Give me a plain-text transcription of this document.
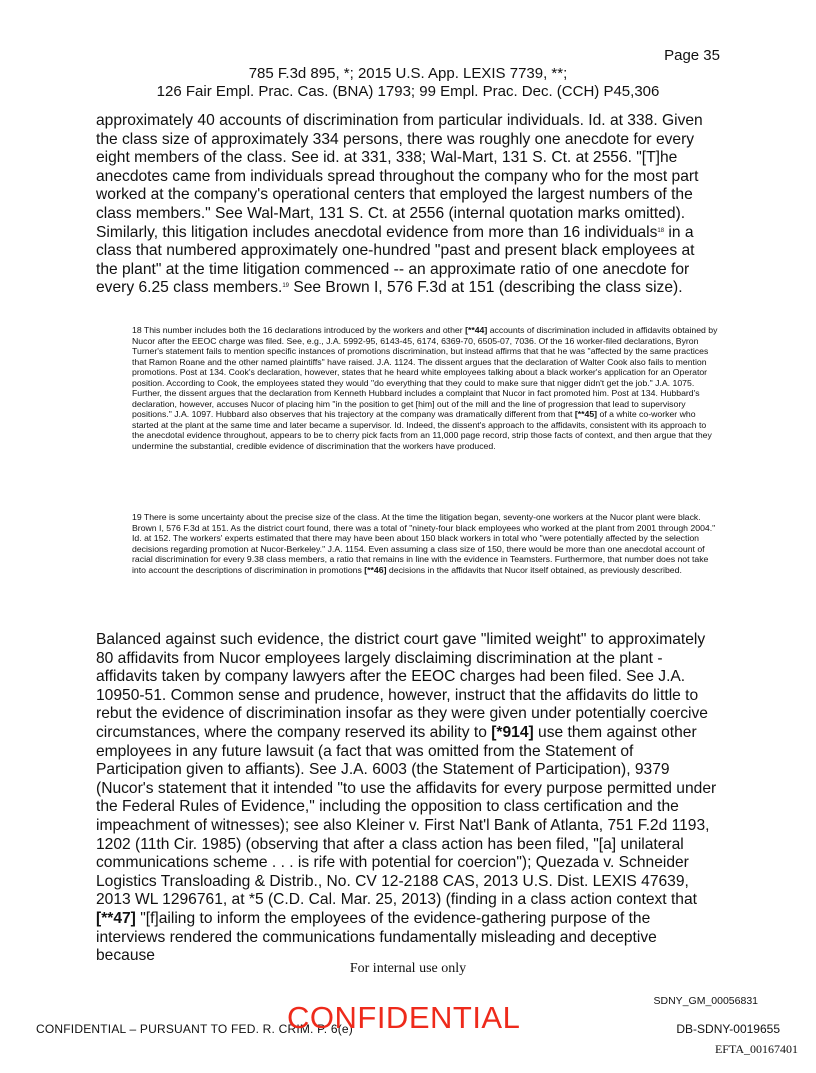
Page 35
785 F.3d 895, *; 2015 U.S. App. LEXIS 7739, **;
126 Fair Empl. Prac. Cas. (BNA) 1793; 99 Empl. Prac. Dec. (CCH) P45,306

approximately 40 accounts of discrimination from particular individuals. Id. at 338. Given the class size of approximately 334 persons, there was roughly one anecdote for every eight members of the class. See id. at 331, 338; Wal-Mart, 131 S. Ct. at 2556. "[T]he anecdotes came from individuals spread throughout the company who for the most part worked at the company's operational centers that employed the largest numbers of the class members." See Wal-Mart, 131 S. Ct. at 2556 (internal quotation marks omitted). Similarly, this litigation includes anecdotal evidence from more than 16 individuals$^{18}$ in a class that numbered approximately one-hundred "past and present black employees at the plant" at the time litigation commenced -- an approximate ratio of one anecdote for every 6.25 class members.$^{19}$ See Brown I, 576 F.3d at 151 (describing the class size).

18 This number includes both the 16 declarations introduced by the workers and other [**44] accounts of discrimination included in affidavits obtained by Nucor after the EEOC charge was filed. See, e.g., J.A. 5992-95, 6143-45, 6174, 6369-70, 6505-07, 7036. Of the 16 worker-filed declarations, Byron Turner's statement fails to mention specific instances of promotions discrimination, but instead affirms that that he was "affected by the same practices that Ramon Roane and the other named plaintiffs" have raised. J.A. 1124. The dissent argues that the declaration of Walter Cook also fails to mention promotions. Post at 134. Cook's declaration, however, states that he heard white employees talking about a black worker's application for an Operator position. According to Cook, the employees stated they would "do everything that they could to make sure that nigger didn't get the job." J.A. 1075. Further, the dissent argues that the declaration from Kenneth Hubbard includes a complaint that Nucor in fact promoted him. Post at 134. Hubbard's declaration, however, accuses Nucor of placing him "in the position to get [him] out of the mill and the line of progression that lead to supervisory positions." J.A. 1097. Hubbard also observes that his trajectory at the company was dramatically different from that [**45] of a white co-worker who started at the plant at the same time and later became a supervisor. Id. Indeed, the dissent's approach to the affidavits, consistent with its approach to the anecdotal evidence throughout, appears to be to cherry pick facts from an 11,000 page record, strip those facts of context, and then argue that they undermine the substantial, credible evidence of discrimination that the workers have produced.

19 There is some uncertainty about the precise size of the class. At the time the litigation began, seventy-one workers at the Nucor plant were black. Brown I, 576 F.3d at 151. As the district court found, there was a total of "ninety-four black employees who worked at the plant from 2001 through 2004." Id. at 152. The workers' experts estimated that there may have been about 150 black workers in total who "were potentially affected by the selection decisions regarding promotion at Nucor-Berkeley." J.A. 1154. Even assuming a class size of 150, there would be more than one anecdotal account of racial discrimination for every 9.38 class members, a ratio that remains in line with the evidence in Teamsters. Furthermore, that number does not take into account the descriptions of discrimination in promotions [**46] decisions in the affidavits that Nucor itself obtained, as previously described.

Balanced against such evidence, the district court gave "limited weight" to approximately 80 affidavits from Nucor employees largely disclaiming discrimination at the plant - affidavits taken by company lawyers after the EEOC charges had been filed. See J.A. 10950-51. Common sense and prudence, however, instruct that the affidavits do little to rebut the evidence of discrimination insofar as they were given under potentially coercive circumstances, where the company reserved its ability to [*914] use them against other employees in any future lawsuit (a fact that was omitted from the Statement of Participation given to affiants). See J.A. 6003 (the Statement of Participation), 9379 (Nucor's statement that it intended "to use the affidavits for every purpose permitted under the Federal Rules of Evidence," including the opposition to class certification and the impeachment of witnesses); see also Kleiner v. First Nat'l Bank of Atlanta, 751 F.2d 1193, 1202 (11th Cir. 1985) (observing that after a class action has been filed, "[a] unilateral communications scheme . . . is rife with potential for coercion"); Quezada v. Schneider Logistics Transloading & Distrib., No. CV 12-2188 CAS, 2013 U.S. Dist. LEXIS 47639, 2013 WL 1296761, at *5 (C.D. Cal. Mar. 25, 2013) (finding in a class action context that [**47] "[f]ailing to inform the employees of the evidence-gathering purpose of the interviews rendered the communications fundamentally misleading and deceptive because

For internal use only
SDNY_GM_00056831
CONFIDENTIAL – PURSUANT TO FED. R. CRIM. P. 6(e)
CONFIDENTIAL	DB-SDNY-0019655
EFTA_00167401
